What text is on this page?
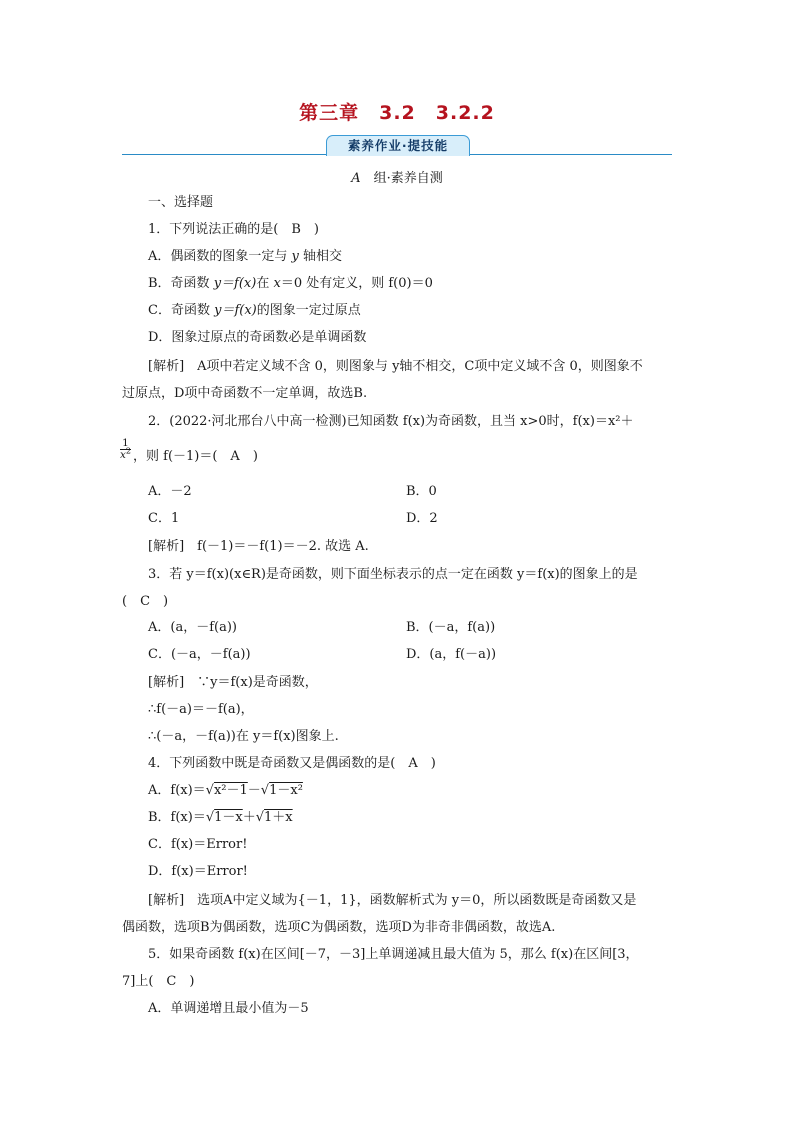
第三章　3.2　3.2.2
素养作业·提技能
A　组·素养自测
一、选择题
1．下列说法正确的是(　B　)
A．偶函数的图象一定与 y 轴相交
B．奇函数 y＝f(x)在 x＝0 处有定义，则 f(0)＝0
C．奇函数 y＝f(x)的图象一定过原点
D．图象过原点的奇函数必是单调函数
[解析]　A项中若定义域不含 0，则图象与 y轴不相交，C项中定义域不含 0，则图象不
过原点，D项中奇函数不一定单调，故选B.
2．(2022·河北邢台八中高一检测)已知函数 f(x)为奇函数，且当 x>0时，f(x)＝x²＋
$\frac{1}{x^2}$ ，则 f(－1)＝(　A　)
A．－2	B．0
C．1	D．2
[解析]　f(－1)＝－f(1)＝－2. 故选 A.
3．若 y＝f(x)(x∈R)是奇函数，则下面坐标表示的点一定在函数 y＝f(x)的图象上的是
(　C　)
A．(a，－f(a))	B．(－a，f(a))
C．(－a，－f(a))	D．(a，f(－a))
[解析]　∵y＝f(x)是奇函数，
∴f(－a)＝－f(a)，
∴(－a，－f(a))在 y＝f(x)图象上.
4．下列函数中既是奇函数又是偶函数的是(　A　)
A．f(x)＝√x²－1－√1－x²
B．f(x)＝√1－x＋√1＋x
C．f(x)＝Error!
D．f(x)＝Error!
[解析]　选项A中定义域为{－1，1}，函数解析式为 y＝0，所以函数既是奇函数又是
偶函数，选项B为偶函数，选项C为偶函数，选项D为非奇非偶函数，故选A.
5．如果奇函数 f(x)在区间[－7，－3]上单调递减且最大值为 5，那么 f(x)在区间[3，
7]上(　C　)
A．单调递增且最小值为－5
